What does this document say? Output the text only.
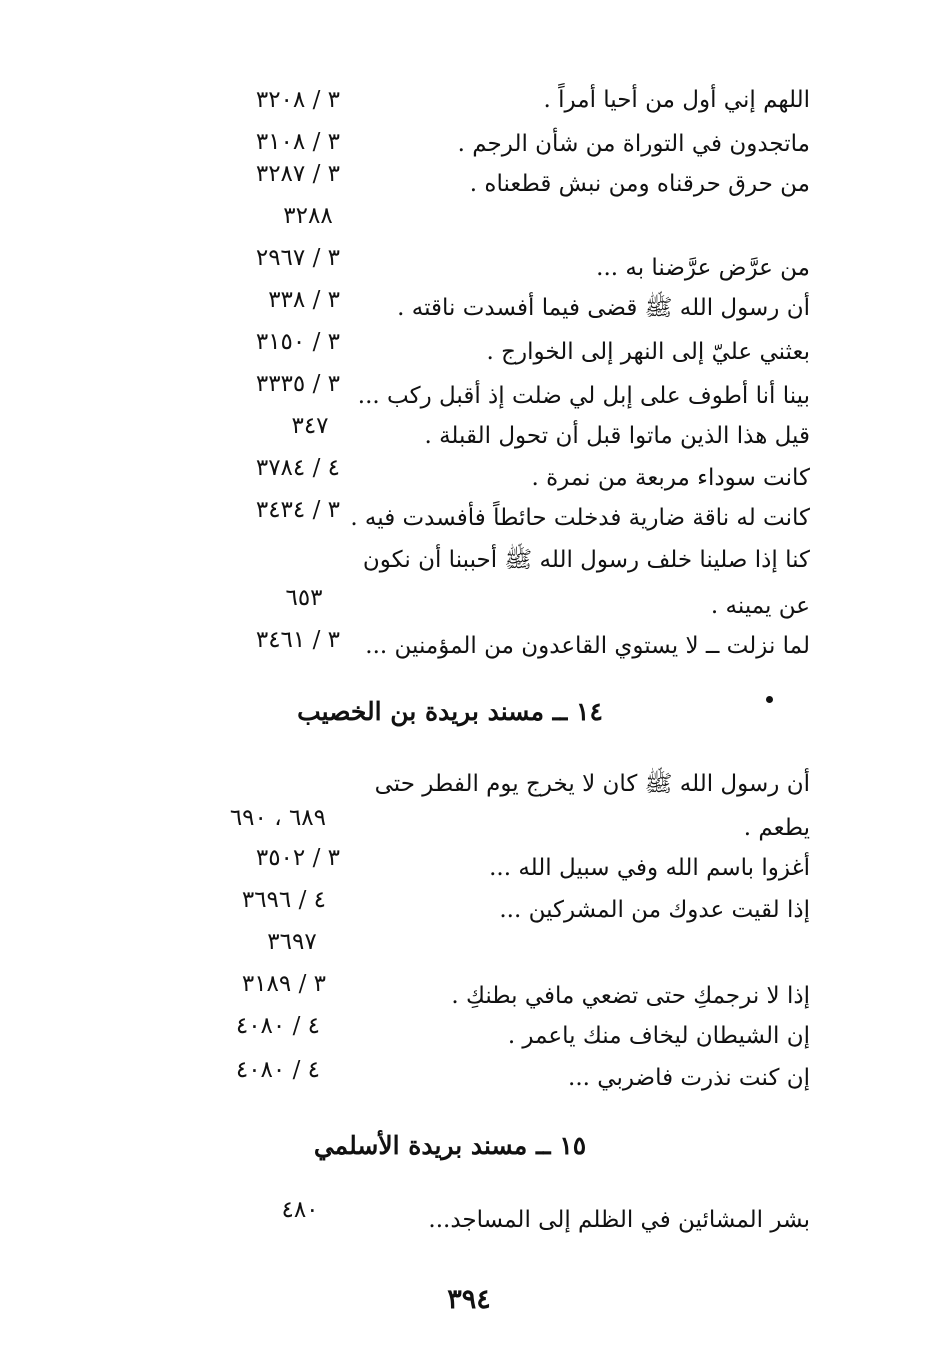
اللهم إني أول من أحيا أمراً .
٣ / ٣٢٠٨
ماتجدون في التوراة من شأن الرجم .
٣ / ٣١٠٨
من حرق حرقناه ومن نبش قطعناه .
٣ / ٣٢٨٧
٣٢٨٨
من عرَّض عرَّضنا به ...
٣ / ٢٩٦٧
أن رسول الله ﷺ قضى فيما أفسدت ناقته .
٣ / ٣٣٨
بعثني عليّ إلى النهر إلى الخوارج .
٣ / ٣١٥٠
بينا أنا أطوف على إبل لي ضلت إذ أقبل ركب ...
٣ / ٣٣٣٥
قيل هذا الذين ماتوا قبل أن تحول القبلة .
٣٤٧
كانت سوداء مربعة من نمرة .
٤ / ٣٧٨٤
كانت له ناقة ضارية فدخلت حائطاً فأفسدت فيه .
٣ / ٣٤٣٤
كنا إذا صلينا خلف رسول الله ﷺ أحببنا أن نكون
عن يمينه .
٦٥٣
لما نزلت ــ لا يستوي القاعدون من المؤمنين ...
٣ / ٣٤٦١
١٤ ــ مسند بريدة بن الخصيب
أن رسول الله ﷺ كان لا يخرج يوم الفطر حتى
يطعم .
٦٨٩ ، ٦٩٠
أغزوا باسم الله وفي سبيل الله ...
٣ / ٣٥٠٢
إذا لقيت عدوك من المشركين ...
٤ / ٣٦٩٦
٣٦٩٧
إذا لا نرجمكِ حتى تضعي مافي بطنكِ .
٣ / ٣١٨٩
إن الشيطان ليخاف منك ياعمر .
٤ / ٤٠٨٠
إن كنت نذرت فاضربي ...
٤ / ٤٠٨٠
١٥ ــ مسند بريدة الأسلمي
بشر المشائين في الظلم إلى المساجد...
٤٨٠
٣٩٤
